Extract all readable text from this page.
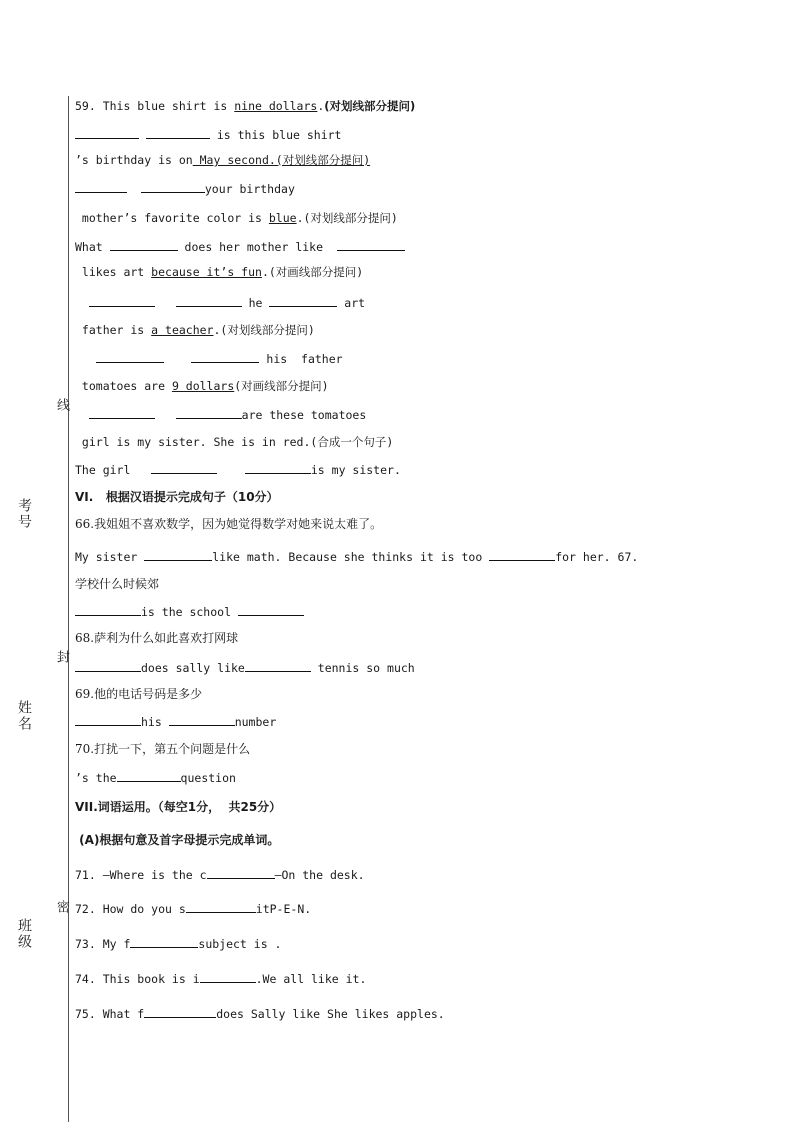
考号
姓名
班级
线
封
密
59. This blue shirt is nine dollars.(对划线部分提问)
is this blue shirt
’s birthday is on May second.(对划线部分提问)
your birthday
mother’s favorite color is blue.(对划线部分提问)
What	does her mother like
likes art because it’s fun.(对画线部分提问)
he	art
father is a teacher.(对划线部分提问)
his  father
tomatoes are 9 dollars(对画线部分提问)
are these tomatoes
girl is my sister. She is in red.(合成一个句子)
The girl	is my sister.
VI.   根据汉语提示完成句子（10分）
66.我姐姐不喜欢数学，因为她觉得数学对她来说太难了。
My sister	like math. Because she thinks it is too	for her. 67.
学校什么时候郊
is the school
68.萨利为什么如此喜欢打网球
does sally like	tennis so much
69.他的电话号码是多少
his	number
70.打扰一下，第五个问题是什么
’s the	question
VII.词语运用。（每空1分，  共25分）
(A)根据句意及首字母提示完成单词。
71. —Where is the c	—On the desk.
72. How do you s	itP-E-N.
73. My f	subject is .
74. This book is i	.We all like it.
75. What f	does Sally like She likes apples.
